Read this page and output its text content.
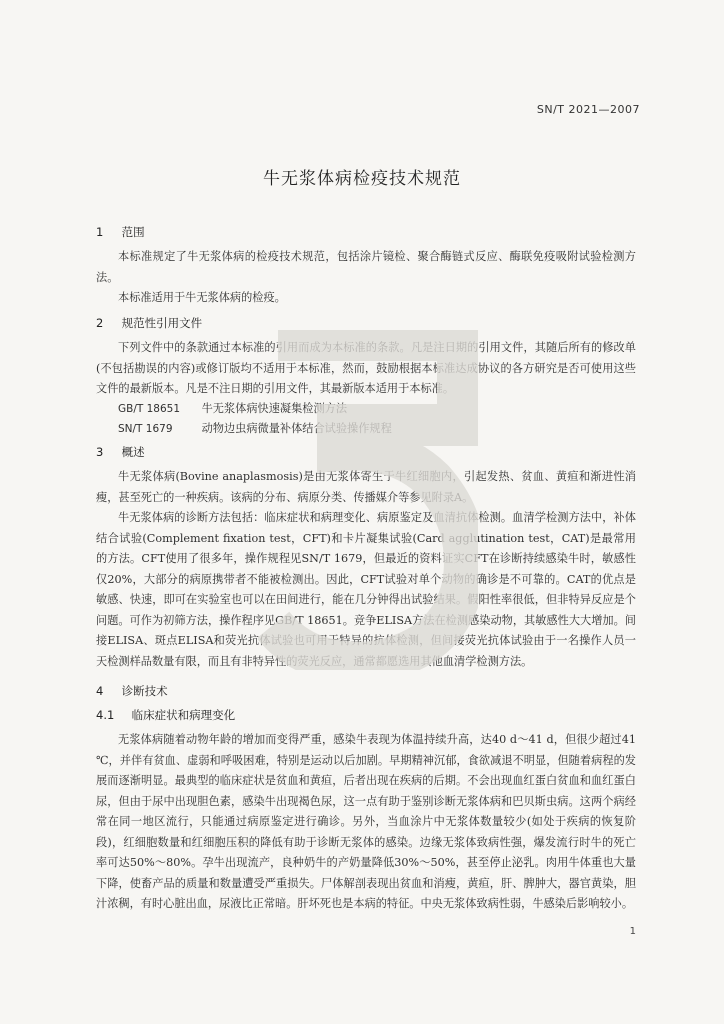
SN/T 2021—2007
牛无浆体病检疫技术规范
1 范围
本标准规定了牛无浆体病的检疫技术规范，包括涂片镜检、聚合酶链式反应、酶联免疫吸附试验检测方法。
本标准适用于牛无浆体病的检疫。
2 规范性引用文件
下列文件中的条款通过本标准的引用而成为本标准的条款。凡是注日期的引用文件，其随后所有的修改单(不包括勘误的内容)或修订版均不适用于本标准，然而，鼓励根据本标准达成协议的各方研究是否可使用这些文件的最新版本。凡是不注日期的引用文件，其最新版本适用于本标准。
GB/T 18651 牛无浆体病快速凝集检测方法
SN/T 1679	动物边虫病微量补体结合试验操作规程
3 概述
牛无浆体病(Bovine anaplasmosis)是由无浆体寄生于牛红细胞内，引起发热、贫血、黄疸和渐进性消瘦，甚至死亡的一种疾病。该病的分布、病原分类、传播媒介等参见附录A。
牛无浆体病的诊断方法包括：临床症状和病理变化、病原鉴定及血清抗体检测。血清学检测方法中，补体结合试验(Complement fixation test，CFT)和卡片凝集试验(Card agglutination test，CAT)是最常用的方法。CFT使用了很多年，操作规程见SN/T 1679，但最近的资料证实CFT在诊断持续感染牛时，敏感性仅20%，大部分的病原携带者不能被检测出。因此，CFT试验对单个动物的确诊是不可靠的。CAT的优点是敏感、快速，即可在实验室也可以在田间进行，能在几分钟得出试验结果。假阳性率很低，但非特异反应是个问题。可作为初筛方法，操作程序见GB/T 18651。竞争ELISA方法在检测感染动物，其敏感性大大增加。间接ELISA、斑点ELISA和荧光抗体试验也可用于特异的抗体检测，但间接荧光抗体试验由于一名操作人员一天检测样品数量有限，而且有非特异性的荧光反应，通常都愿选用其他血清学检测方法。
4 诊断技术
4.1 临床症状和病理变化
无浆体病随着动物年龄的增加而变得严重，感染牛表现为体温持续升高，达40 d～41 d，但很少超过41 ℃，并伴有贫血、虚弱和呼吸困难，特别是运动以后加剧。早期精神沉郁，食欲减退不明显，但随着病程的发展而逐渐明显。最典型的临床症状是贫血和黄疸，后者出现在疾病的后期。不会出现血红蛋白贫血和血红蛋白尿，但由于尿中出现胆色素，感染牛出现褐色尿，这一点有助于鉴别诊断无浆体病和巴贝斯虫病。这两个病经常在同一地区流行，只能通过病原鉴定进行确诊。另外，当血涂片中无浆体数量较少(如处于疾病的恢复阶段)，红细胞数量和红细胞压积的降低有助于诊断无浆体的感染。边缘无浆体致病性强，爆发流行时牛的死亡率可达50%～80%。孕牛出现流产，良种奶牛的产奶量降低30%～50%，甚至停止泌乳。肉用牛体重也大量下降，使畜产品的质量和数量遭受严重损失。尸体解剖表现出贫血和消瘦，黄疸，肝、脾肿大，器官黄染，胆汁浓稠，有时心脏出血，尿液比正常暗。肝坏死也是本病的特征。中央无浆体致病性弱，牛感染后影响较小。
1
